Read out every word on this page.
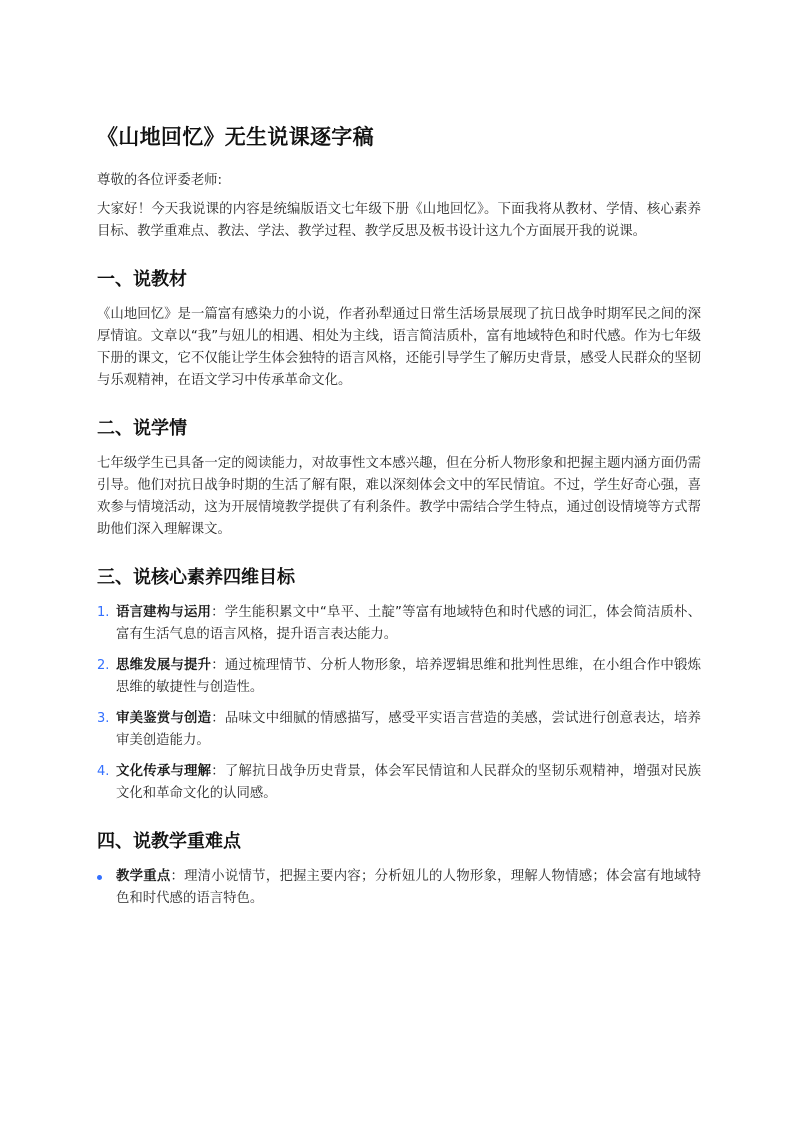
《山地回忆》无生说课逐字稿

尊敬的各位评委老师:

大家好！今天我说课的内容是统编版语文七年级下册《山地回忆》。下面我将从教材、学情、核心素养目标、教学重难点、教法、学法、教学过程、教学反思及板书设计这九个方面展开我的说课。

一、说教材

《山地回忆》是一篇富有感染力的小说，作者孙犁通过日常生活场景展现了抗日战争时期军民之间的深厚情谊。文章以“我”与妞儿的相遇、相处为主线，语言简洁质朴，富有地域特色和时代感。作为七年级下册的课文，它不仅能让学生体会独特的语言风格，还能引导学生了解历史背景，感受人民群众的坚韧与乐观精神，在语文学习中传承革命文化。

二、说学情

七年级学生已具备一定的阅读能力，对故事性文本感兴趣，但在分析人物形象和把握主题内涵方面仍需引导。他们对抗日战争时期的生活了解有限，难以深刻体会文中的军民情谊。不过，学生好奇心强，喜欢参与情境活动，这为开展情境教学提供了有利条件。教学中需结合学生特点，通过创设情境等方式帮助他们深入理解课文。

三、说核心素养四维目标
1. 语言建构与运用：学生能积累文中“阜平、土靛”等富有地域特色和时代感的词汇，体会简洁质朴、富有生活气息的语言风格，提升语言表达能力。
2. 思维发展与提升：通过梳理情节、分析人物形象，培养逻辑思维和批判性思维，在小组合作中锻炼思维的敏捷性与创造性。
3. 审美鉴赏与创造：品味文中细腻的情感描写，感受平实语言营造的美感，尝试进行创意表达，培养审美创造能力。
4. 文化传承与理解：了解抗日战争历史背景，体会军民情谊和人民群众的坚韧乐观精神，增强对民族文化和革命文化的认同感。
四、说教学重难点
教学重点：理清小说情节，把握主要内容；分析妞儿的人物形象，理解人物情感；体会富有地域特色和时代感的语言特色。
